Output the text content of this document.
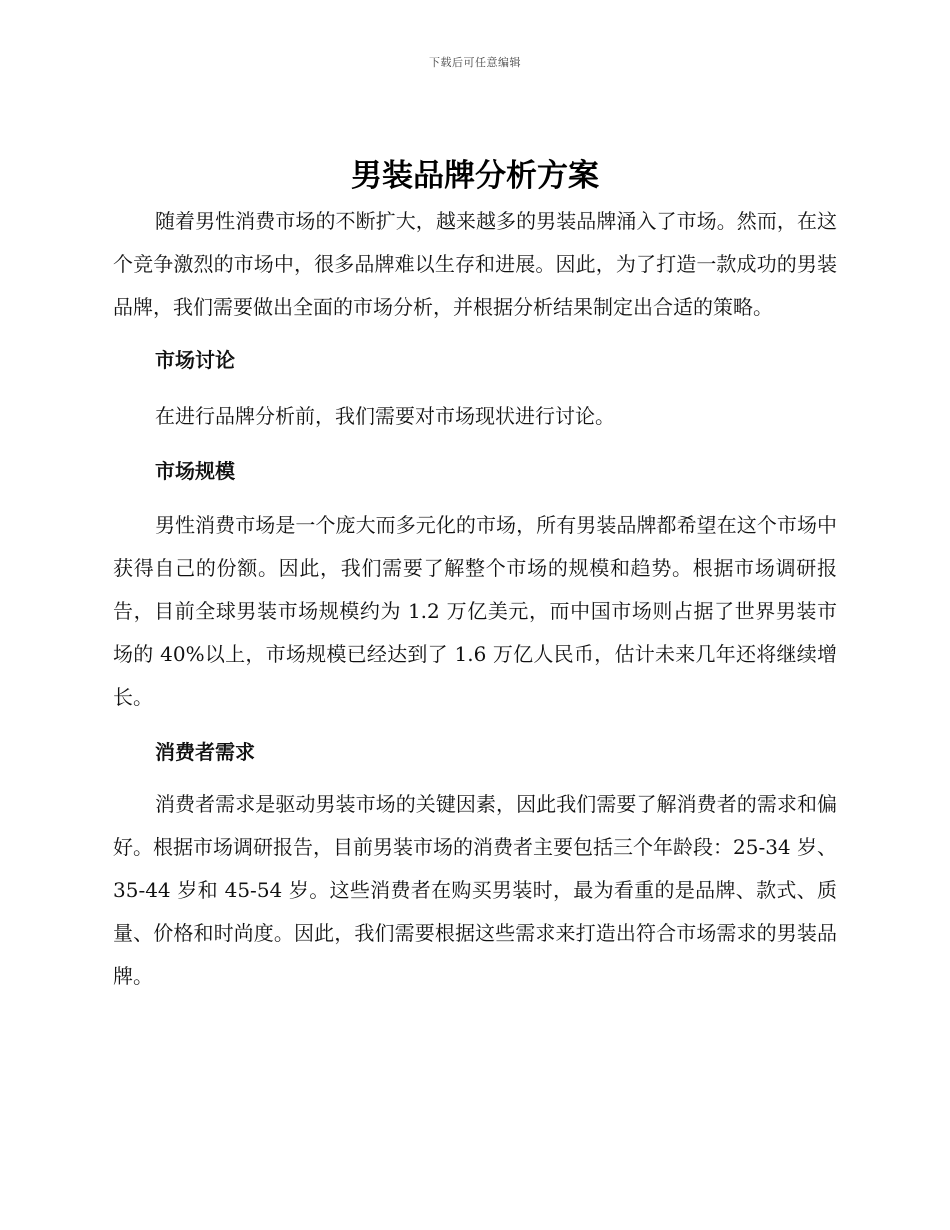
下载后可任意编辑
男装品牌分析方案

随着男性消费市场的不断扩大，越来越多的男装品牌涌入了市场。然而，在这个竞争激烈的市场中，很多品牌难以生存和进展。因此，为了打造一款成功的男装品牌，我们需要做出全面的市场分析，并根据分析结果制定出合适的策略。

市场讨论

在进行品牌分析前，我们需要对市场现状进行讨论。

市场规模

男性消费市场是一个庞大而多元化的市场，所有男装品牌都希望在这个市场中获得自己的份额。因此，我们需要了解整个市场的规模和趋势。根据市场调研报告，目前全球男装市场规模约为 1.2 万亿美元，而中国市场则占据了世界男装市场的 40%以上，市场规模已经达到了 1.6 万亿人民币，估计未来几年还将继续增长。

消费者需求

消费者需求是驱动男装市场的关键因素，因此我们需要了解消费者的需求和偏好。根据市场调研报告，目前男装市场的消费者主要包括三个年龄段：25-34 岁、35-44 岁和 45-54 岁。这些消费者在购买男装时，最为看重的是品牌、款式、质量、价格和时尚度。因此，我们需要根据这些需求来打造出符合市场需求的男装品牌。
